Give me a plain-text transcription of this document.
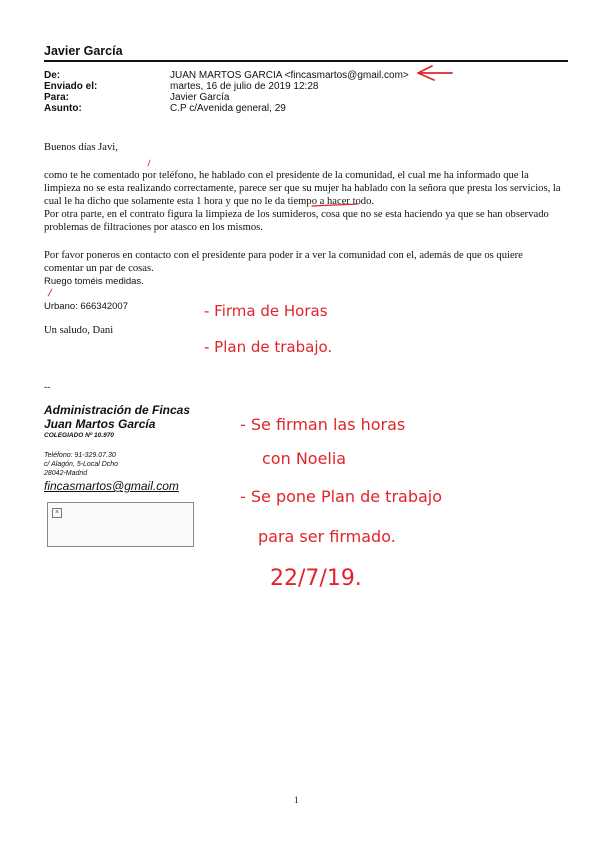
Javier García
De:	JUAN MARTOS GARCIA <fincasmartos@gmail.com>
Enviado el:	martes, 16 de julio de 2019 12:28
Para:	Javier García
Asunto:	C.P c/Avenida general, 29
Buenos días Javi,
como te he comentado por teléfono, he hablado con el presidente de la comunidad, el cual me ha informado que la limpieza no se esta realizando correctamente, parece ser que su mujer ha hablado con la señora que presta los servicios, la cual le ha dicho que solamente esta 1 hora y que no le da tiempo a hacer todo.
Por otra parte, en el contrato figura la limpieza de los sumideros, cosa que no se esta haciendo ya que se han observado problemas de filtraciones por atasco en los mismos.
Por favor poneros en contacto con el presidente para poder ir a ver la comunidad con el, además de que os quiere comentar un par de cosas.
Ruego toméis medidas.
Urbano: 666342007
Un saludo, Dani
--
Administración de Fincas
Juan Martos García
COLEGIADO Nº 10.970
Teléfono: 91-329.07.30
c/ Alagón, 5-Local Dcho
28042-Madrid
fincasmartos@gmail.com
×
1
- Firma de Horas
- Plan de trabajo.
- Se firman las horas
con Noelia
- Se pone Plan de trabajo
para ser firmado.
22/7/19.
